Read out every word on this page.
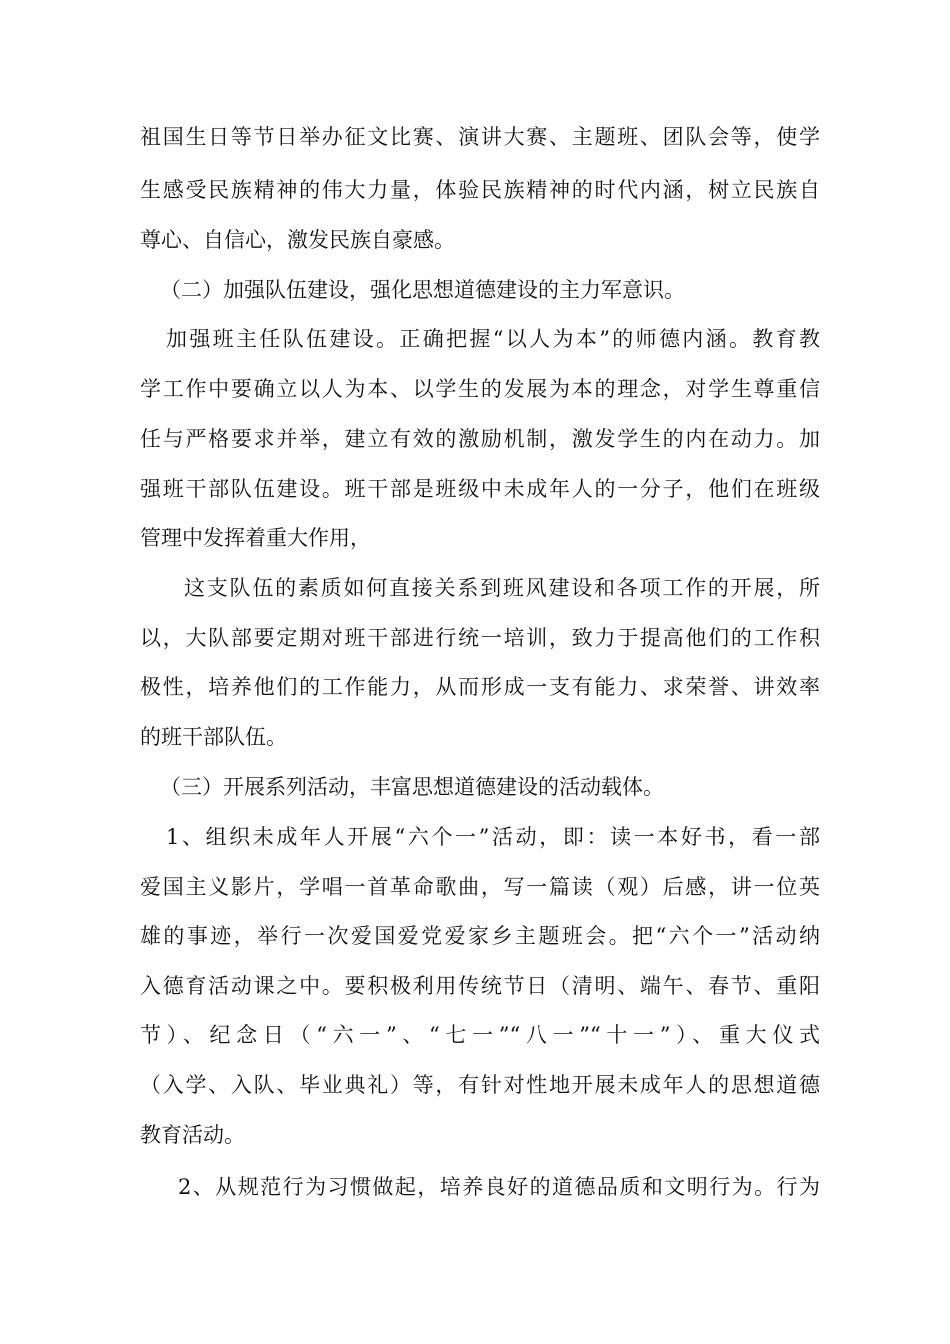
祖国生日等节日举办征文比赛、演讲大赛、主题班、团队会等，使学
生感受民族精神的伟大力量，体验民族精神的时代内涵，树立民族自
尊心、自信心，激发民族自豪感。
（二）加强队伍建设，强化思想道德建设的主力军意识。
加强班主任队伍建设。正确把握“以人为本”的师德内涵。教育教
学工作中要确立以人为本、以学生的发展为本的理念，对学生尊重信
任与严格要求并举，建立有效的激励机制，激发学生的内在动力。加
强班干部队伍建设。班干部是班级中未成年人的一分子，他们在班级
管理中发挥着重大作用，
这支队伍的素质如何直接关系到班风建设和各项工作的开展，所
以，大队部要定期对班干部进行统一培训，致力于提高他们的工作积
极性，培养他们的工作能力，从而形成一支有能力、求荣誉、讲效率
的班干部队伍。
（三）开展系列活动，丰富思想道德建设的活动载体。
1、组织未成年人开展“六个一”活动，即：读一本好书，看一部
爱国主义影片，学唱一首革命歌曲，写一篇读（观）后感，讲一位英
雄的事迹，举行一次爱国爱党爱家乡主题班会。把“六个一”活动纳
入德育活动课之中。要积极利用传统节日（清明、端午、春节、重阳
节）、纪念日（“六一”、“七一”“八一”“十一”）、重大仪式
（入学、入队、毕业典礼）等，有针对性地开展未成年人的思想道德
教育活动。
2、从规范行为习惯做起，培养良好的道德品质和文明行为。行为
